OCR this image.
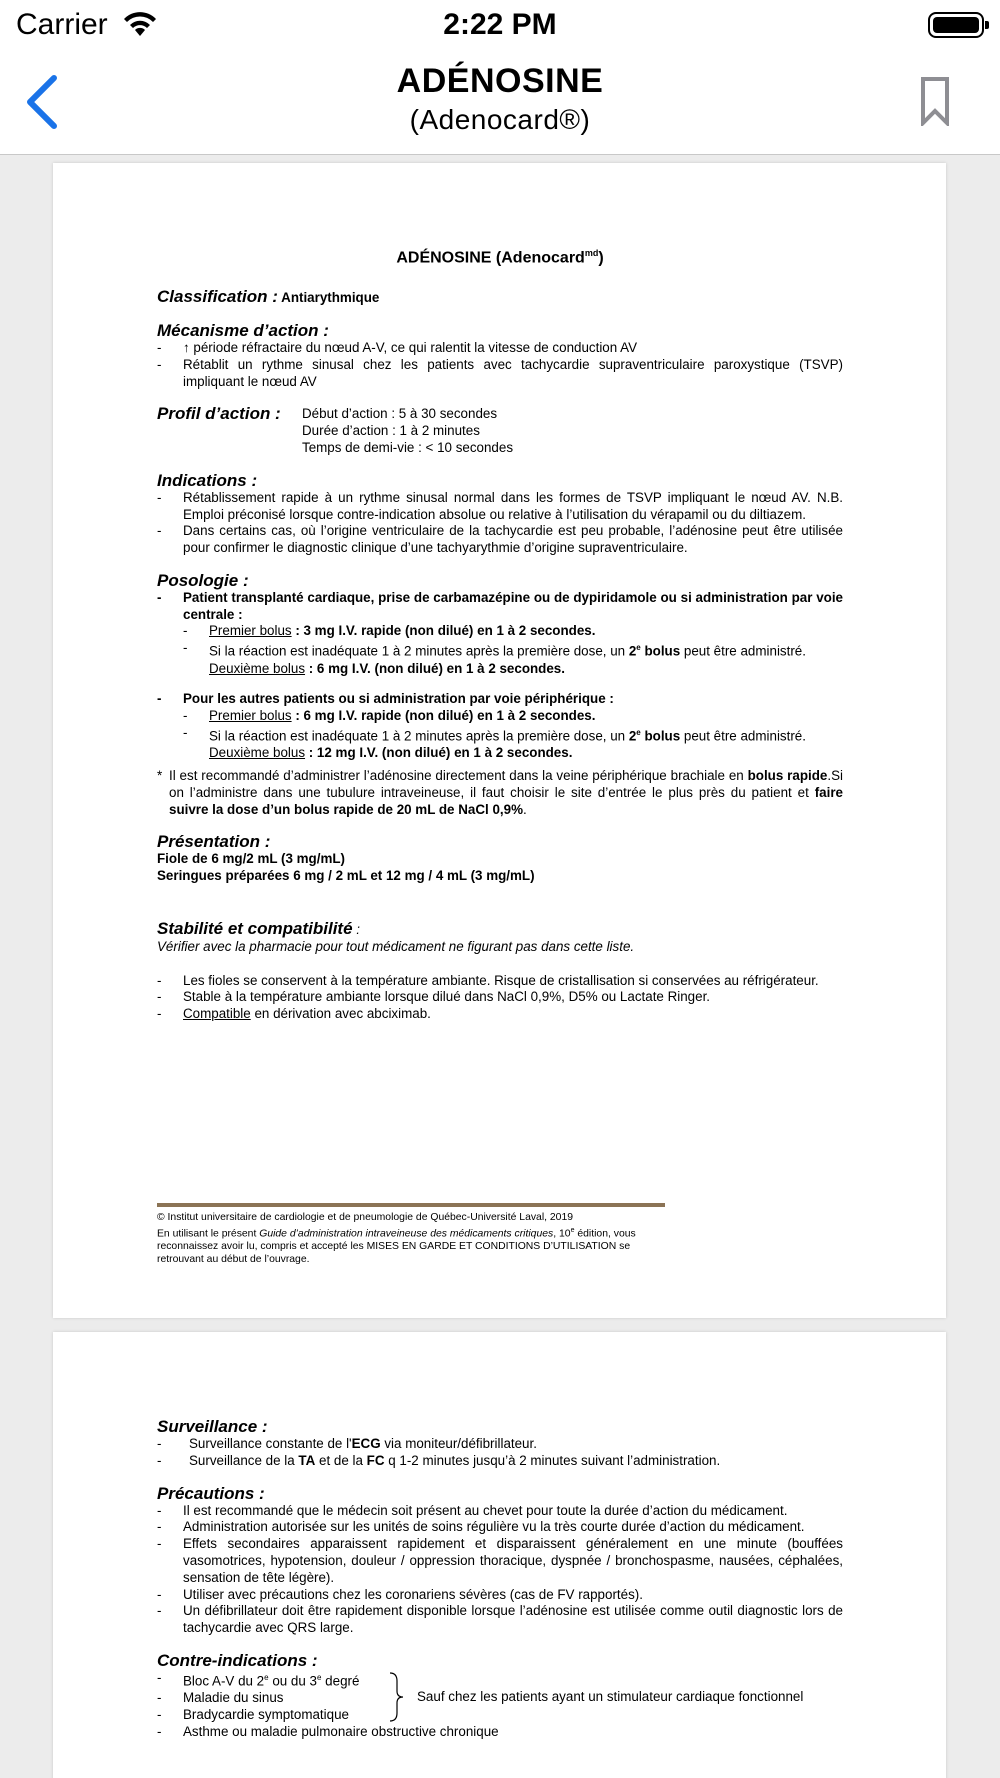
Carrier	2:22 PM
ADÉNOSINE
(Adenocard®)
ADÉNOSINE (Adenocard$^{md}$)
Classification : Antiarythmique
Mécanisme d’action :
- ↑ période réfractaire du nœud A-V, ce qui ralentit la vitesse de conduction AV
- Rétablit un rythme sinusal chez les patients avec tachycardie supraventriculaire paroxystique (TSVP) impliquant le nœud AV
Profil d’action :	Début d’action : 5 à 30 secondes
Durée d’action : 1 à 2 minutes
Temps de demi-vie : < 10 secondes
Indications :
- Rétablissement rapide à un rythme sinusal normal dans les formes de TSVP impliquant le nœud AV. N.B. Emploi préconisé lorsque contre-indication absolue ou relative à l’utilisation du vérapamil ou du diltiazem.
- Dans certains cas, où l’origine ventriculaire de la tachycardie est peu probable, l’adénosine peut être utilisée pour confirmer le diagnostic clinique d’une tachyarythmie d’origine supraventriculaire.
Posologie :
- Patient transplanté cardiaque, prise de carbamazépine ou de dypiridamole ou si administration par voie centrale :
- Premier bolus : 3 mg I.V. rapide (non dilué) en 1 à 2 secondes.
- Si la réaction est inadéquate 1 à 2 minutes après la première dose, un 2e bolus peut être administré.
Deuxième bolus : 6 mg I.V. (non dilué) en 1 à 2 secondes.
- Pour les autres patients ou si administration par voie périphérique :
- Premier bolus : 6 mg I.V. rapide (non dilué) en 1 à 2 secondes.
- Si la réaction est inadéquate 1 à 2 minutes après la première dose, un 2e bolus peut être administré.
Deuxième bolus : 12 mg I.V. (non dilué) en 1 à 2 secondes.
* Il est recommandé d’administrer l’adénosine directement dans la veine périphérique brachiale en bolus rapide.Si on l’administre dans une tubulure intraveineuse, il faut choisir le site d’entrée le plus près du patient et faire suivre la dose d’un bolus rapide de 20 mL de NaCl 0,9%.
Présentation :
Fiole de 6 mg/2 mL (3 mg/mL)
Seringues préparées 6 mg / 2 mL et 12 mg / 4 mL (3 mg/mL)
Stabilité et compatibilité :
Vérifier avec la pharmacie pour tout médicament ne figurant pas dans cette liste.
- Les fioles se conservent à la température ambiante. Risque de cristallisation si conservées au réfrigérateur.
- Stable à la température ambiante lorsque dilué dans NaCl 0,9%, D5% ou Lactate Ringer.
- Compatible en dérivation avec abciximab.
© Institut universitaire de cardiologie et de pneumologie de Québec-Université Laval, 2019
En utilisant le présent Guide d’administration intraveineuse des médicaments critiques, 10e édition, vous reconnaissez avoir lu, compris et accepté les MISES EN GARDE ET CONDITIONS D’UTILISATION se retrouvant au début de l’ouvrage.
Surveillance :
- Surveillance constante de l'ECG via moniteur/défibrillateur.
- Surveillance de la TA et de la FC q 1-2 minutes jusqu’à 2 minutes suivant l’administration.
Précautions :
- Il est recommandé que le médecin soit présent au chevet pour toute la durée d’action du médicament.
- Administration autorisée sur les unités de soins régulière vu la très courte durée d’action du médicament.
- Effets secondaires apparaissent rapidement et disparaissent généralement en une minute (bouffées vasomotrices, hypotension, douleur / oppression thoracique, dyspnée / bronchospasme, nausées, céphalées, sensation de tête légère).
- Utiliser avec précautions chez les coronariens sévères (cas de FV rapportés).
- Un défibrillateur doit être rapidement disponible lorsque l’adénosine est utilisée comme outil diagnostic lors de tachycardie avec QRS large.
Contre-indications :
- Bloc A-V du 2e ou du 3e degré
- Maladie du sinus
- Bradycardie symptomatique
Sauf chez les patients ayant un stimulateur cardiaque fonctionnel
- Asthme ou maladie pulmonaire obstructive chronique
